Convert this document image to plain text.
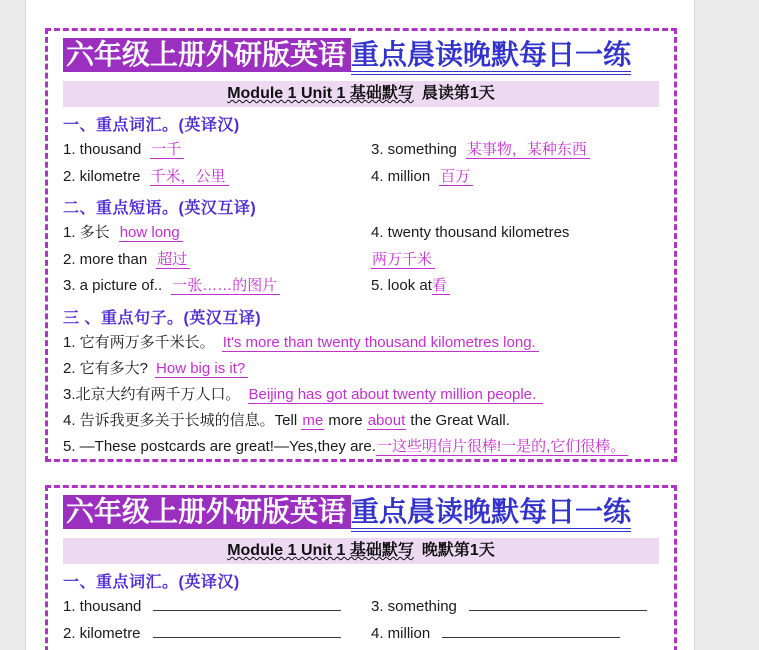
六年级上册外研版英语 重点晨读晚默每日一练
Module 1 Unit 1 基础默写 晨读第1天
一、重点词汇。(英译汉)
1. thousand 一千
2. kilometre 千米，公里
3. something 某事物，某种东西
4. million 百万
二、重点短语。(英汉互译)
1. 多长 how long
2. more than 超过
3. a picture of.. 一张……的图片
4. twenty thousand kilometres
两万千米
5. look at看
三 、重点句子。(英汉互译)
1. 它有两万多千米长。 It's more than twenty thousand kilometres long.
2. 它有多大? How big is it?
3.北京大约有两千万人口。 Beijing has got about twenty million people.
4. 告诉我更多关于长城的信息。Tell me more about the Great Wall.
5. —These postcards are great!—Yes,they are.一这些明信片很棒!一是的,它们很棒。
六年级上册外研版英语 重点晨读晚默每日一练
Module 1 Unit 1 基础默写 晚默第1天
一、重点词汇。(英译汉)
1. thousand
2. kilometre
3. something
4. million
